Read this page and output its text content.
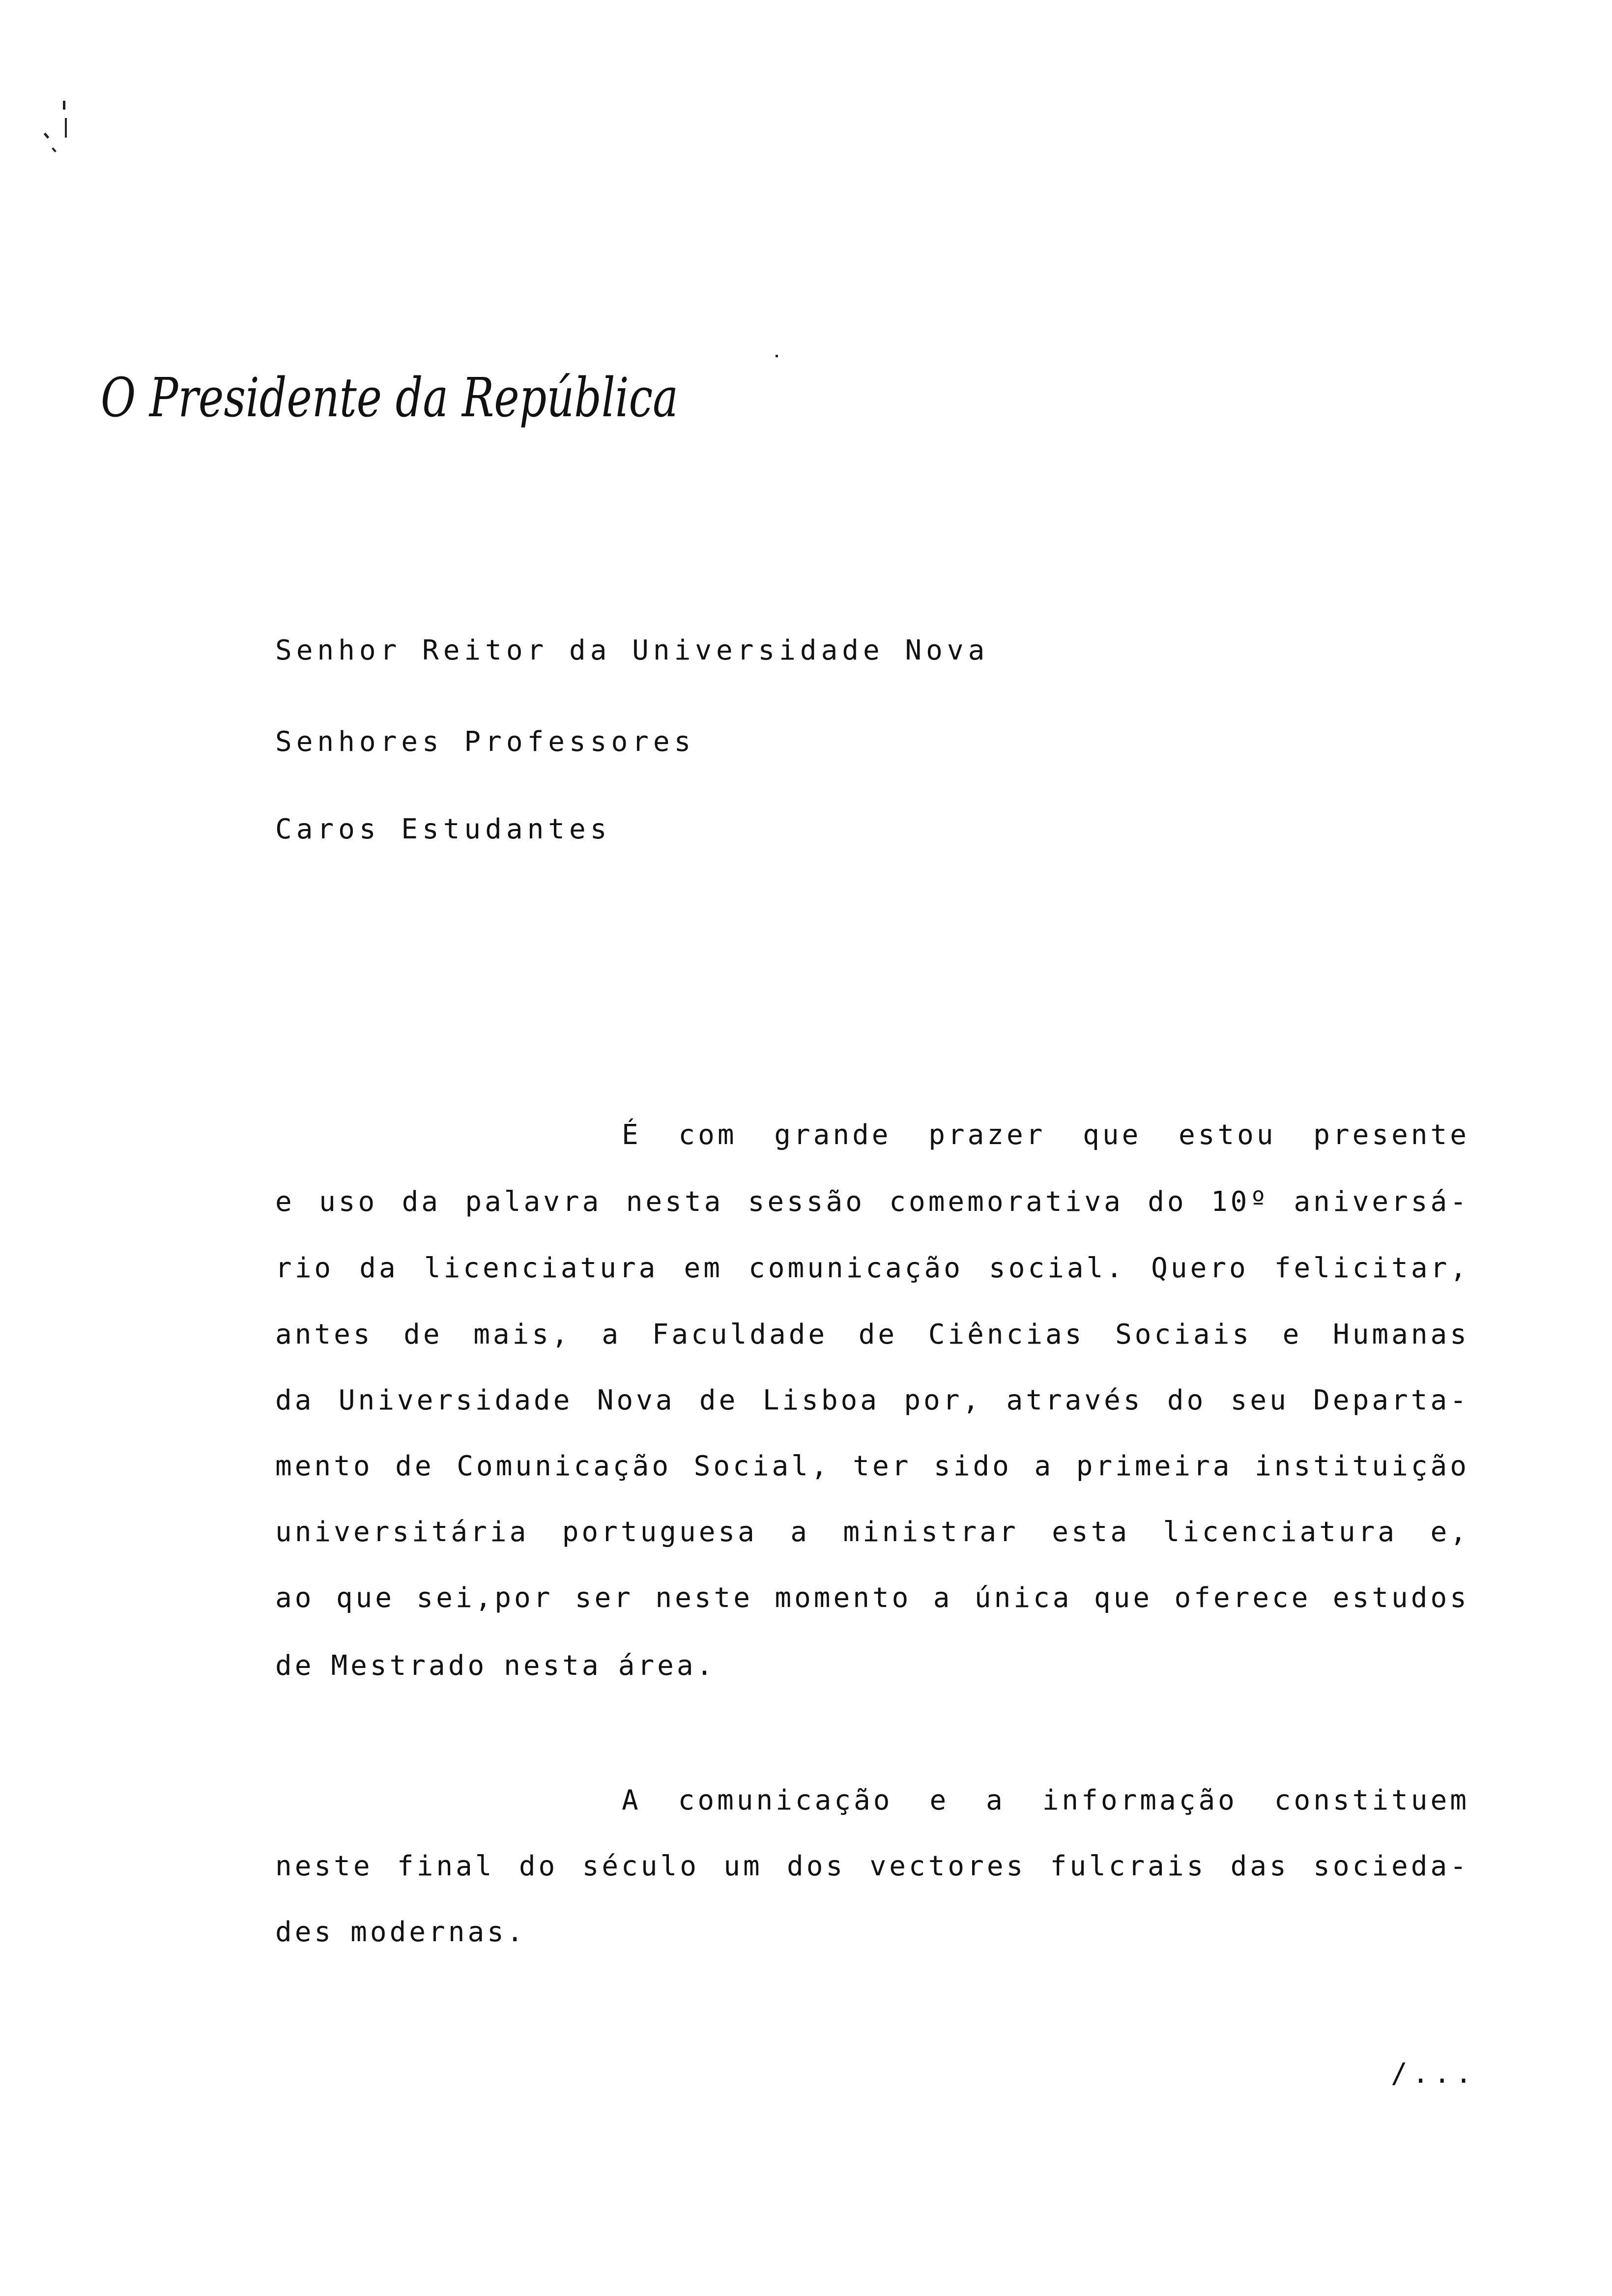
O Presidente da República
Senhor Reitor da Universidade Nova
Senhores Professores
Caros Estudantes
É com grande prazer que estou presente
e uso da palavra nesta sessão comemorativa do 10º aniversá-
rio da licenciatura em comunicação social. Quero felicitar,
antes de mais, a Faculdade de Ciências Sociais e Humanas
da Universidade Nova de Lisboa por, através do seu Departa-
mento de Comunicação Social, ter sido a primeira instituição
universitária portuguesa a ministrar esta licenciatura e,
ao que sei,por ser neste momento a única que oferece estudos
de Mestrado nesta área.
A comunicação e a informação constituem
neste final do século um dos vectores fulcrais das socieda-
des modernas.
/...
